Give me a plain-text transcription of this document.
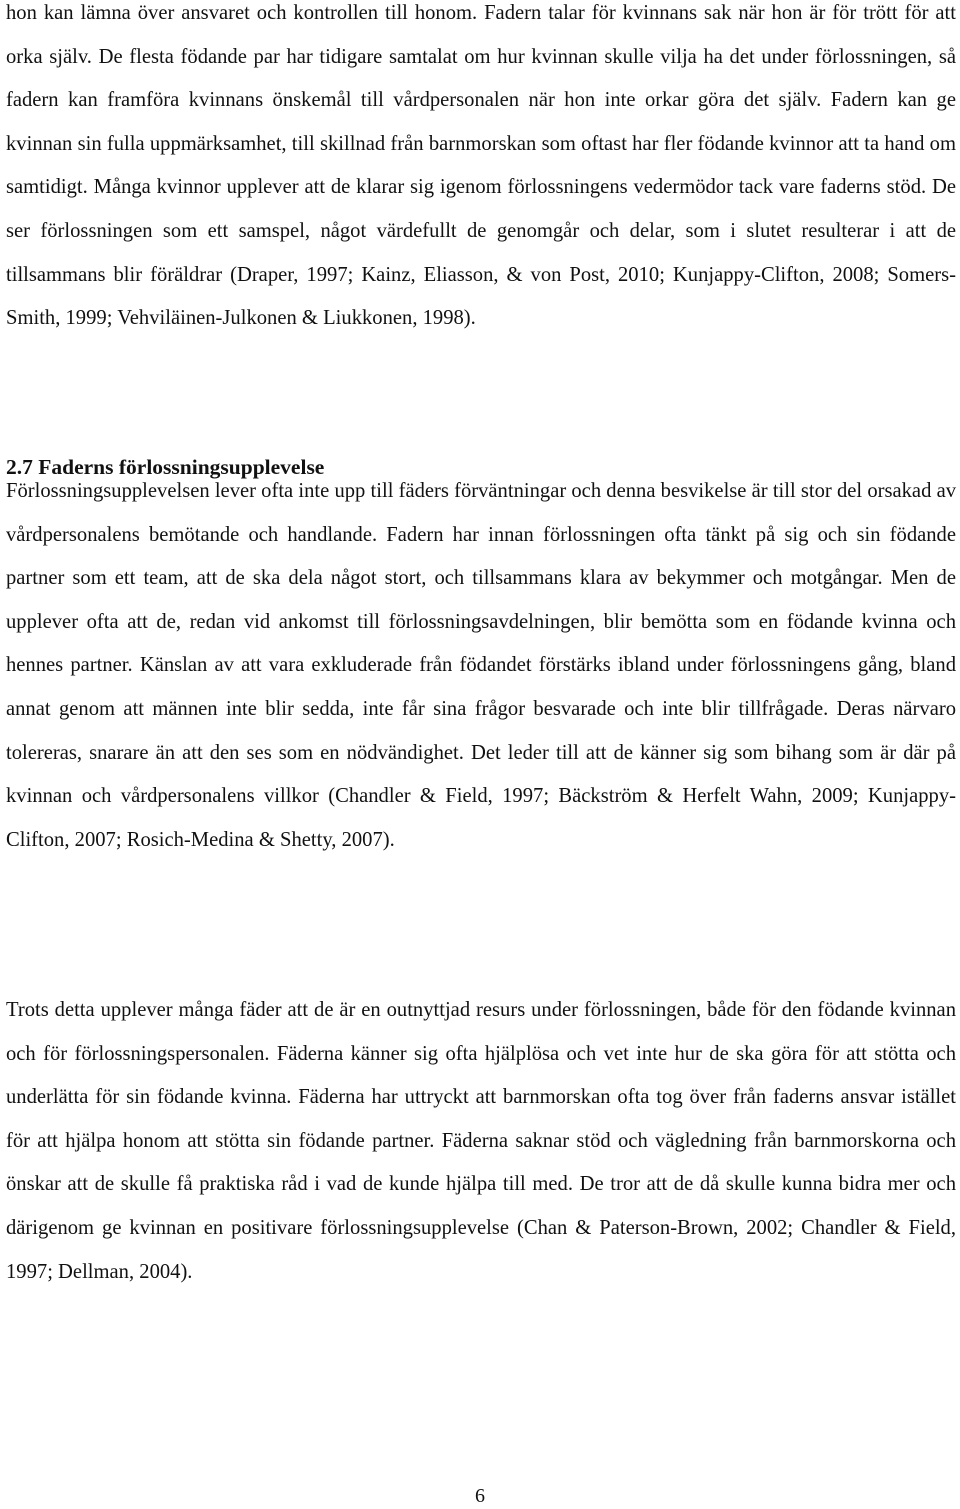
hon kan lämna över ansvaret och kontrollen till honom. Fadern talar för kvinnans sak när hon är för trött för att orka själv. De flesta födande par har tidigare samtalat om hur kvinnan skulle vilja ha det under förlossningen, så fadern kan framföra kvinnans önskemål till vårdpersonalen när hon inte orkar göra det själv. Fadern kan ge kvinnan sin fulla uppmärksamhet, till skillnad från barnmorskan som oftast har fler födande kvinnor att ta hand om samtidigt. Många kvinnor upplever att de klarar sig igenom förlossningens vedermödor tack vare faderns stöd. De ser förlossningen som ett samspel, något värdefullt de genomgår och delar, som i slutet resulterar i att de tillsammans blir föräldrar (Draper, 1997; Kainz, Eliasson, & von Post, 2010; Kunjappy-Clifton, 2008; Somers-Smith, 1999; Vehviläinen-Julkonen & Liukkonen, 1998).

2.7 Faderns förlossningsupplevelse

Förlossningsupplevelsen lever ofta inte upp till fäders förväntningar och denna besvikelse är till stor del orsakad av vårdpersonalens bemötande och handlande. Fadern har innan förlossningen ofta tänkt på sig och sin födande partner som ett team, att de ska dela något stort, och tillsammans klara av bekymmer och motgångar. Men de upplever ofta att de, redan vid ankomst till förlossningsavdelningen, blir bemötta som en födande kvinna och hennes partner. Känslan av att vara exkluderade från födandet förstärks ibland under förlossningens gång, bland annat genom att männen inte blir sedda, inte får sina frågor besvarade och inte blir tillfrågade. Deras närvaro tolereras, snarare än att den ses som en nödvändighet. Det leder till att de känner sig som bihang som är där på kvinnan och vårdpersonalens villkor (Chandler & Field, 1997; Bäckström & Herfelt Wahn, 2009; Kunjappy-Clifton, 2007; Rosich-Medina & Shetty, 2007).

Trots detta upplever många fäder att de är en outnyttjad resurs under förlossningen, både för den födande kvinnan och för förlossningspersonalen. Fäderna känner sig ofta hjälplösa och vet inte hur de ska göra för att stötta och underlätta för sin födande kvinna. Fäderna har uttryckt att barnmorskan ofta tog över från faderns ansvar istället för att hjälpa honom att stötta sin födande partner. Fäderna saknar stöd och vägledning från barnmorskorna och önskar att de skulle få praktiska råd i vad de kunde hjälpa till med. De tror att de då skulle kunna bidra mer och därigenom ge kvinnan en positivare förlossningsupplevelse (Chan & Paterson-Brown, 2002; Chandler & Field, 1997; Dellman, 2004).

6
